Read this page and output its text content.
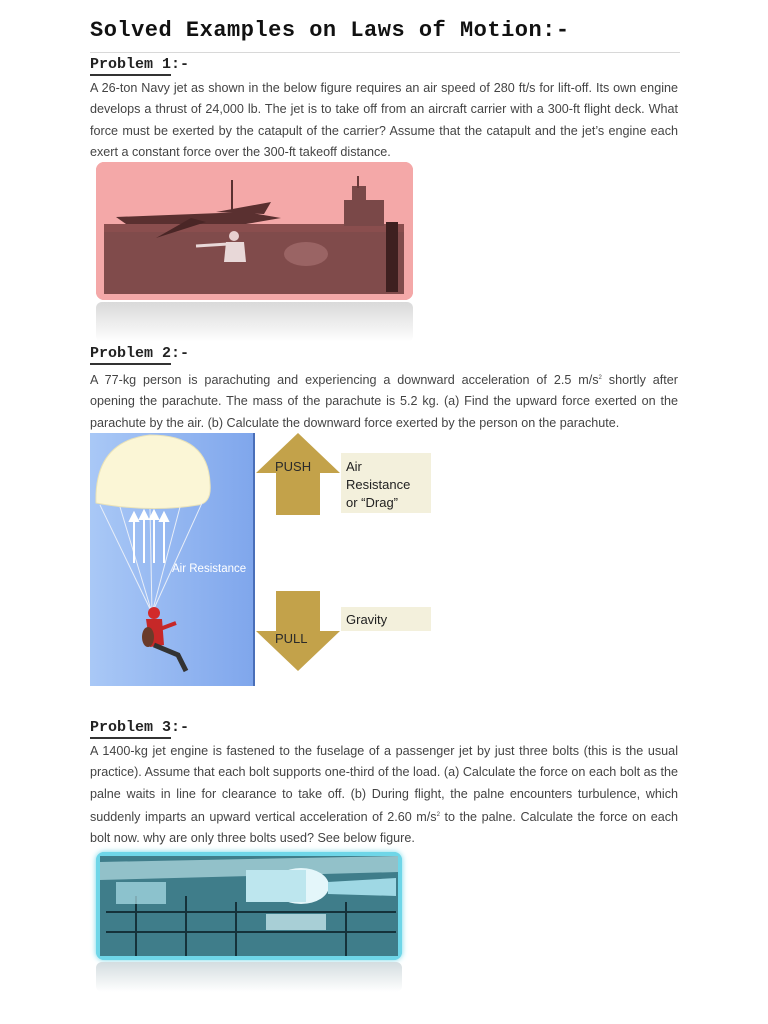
Solved Examples on Laws of Motion:-
Problem 1:-
A 26-ton Navy jet as shown in the below figure requires an air speed of 280 ft/s for lift-off. Its own engine develops a thrust of 24,000 lb. The jet is to take off from an aircraft carrier with a 300-ft flight deck. What force must be exerted by the catapult of the carrier? Assume that the catapult and the jet’s engine each exert a constant force over the 300-ft takeoff distance.
Problem 2:-
A 77-kg person is parachuting and experiencing a downward acceleration of 2.5 $m/s^2$ shortly after opening the parachute. The mass of the parachute is 5.2 kg. (a) Find the upward force exerted on the parachute by the air. (b) Calculate the downward force exerted by the person on the parachute.
Air Resistance
PUSH
PULL
Air
Resistance
or “Drag”
Gravity
Problem 3:-
A 1400-kg jet engine is fastened to the fuselage of a passenger jet by just three bolts (this is the usual practice). Assume that each bolt supports one-third of the load. (a) Calculate the force on each bolt as the palne waits in line for clearance to take off. (b) During flight, the palne encounters turbulence, which suddenly imparts an upward vertical acceleration of 2.60 $m/s^2$ to the palne. Calculate the force on each bolt now. why are only three bolts used? See below figure.
